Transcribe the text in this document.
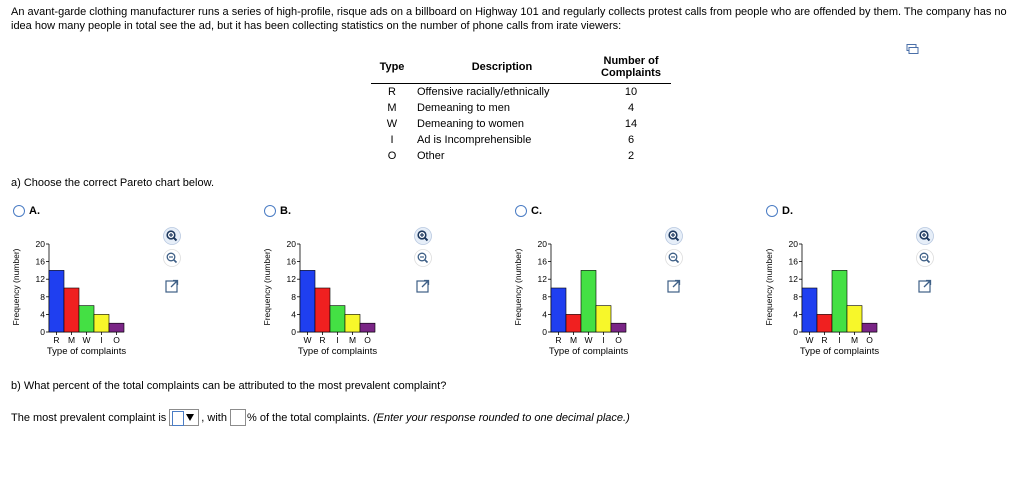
An avant-garde clothing manufacturer runs a series of high-profile, risque ads on a billboard on Highway 101 and regularly collects protest calls from people who are offended by them. The company has no idea how many people in total see the ad, but it has been collecting statistics on the number of phone calls from irate viewers:
Type	Description	Number of
Complaints
R	Offensive racially/ethnically	10
M	Demeaning to men	4
W	Demeaning to women	14
I	Ad is Incomprehensible	6
O	Other	2
a) Choose the correct Pareto chart below.
A.
Frequency (number)
0
4
8
12
16
20
R M W I O
Type of complaints
B.
Frequency (number)
0
4
8
12
16
20
W R I M O
Type of complaints
C.
Frequency (number)
0
4
8
12
16
20
R M W I O
Type of complaints
D.
Frequency (number)
0
4
8
12
16
20
W R I M O
Type of complaints
b) What percent of the total complaints can be attributed to the most prevalent complaint?
The most prevalent complaint is	, with % of the total complaints.
(Enter your response rounded to one decimal place.)
